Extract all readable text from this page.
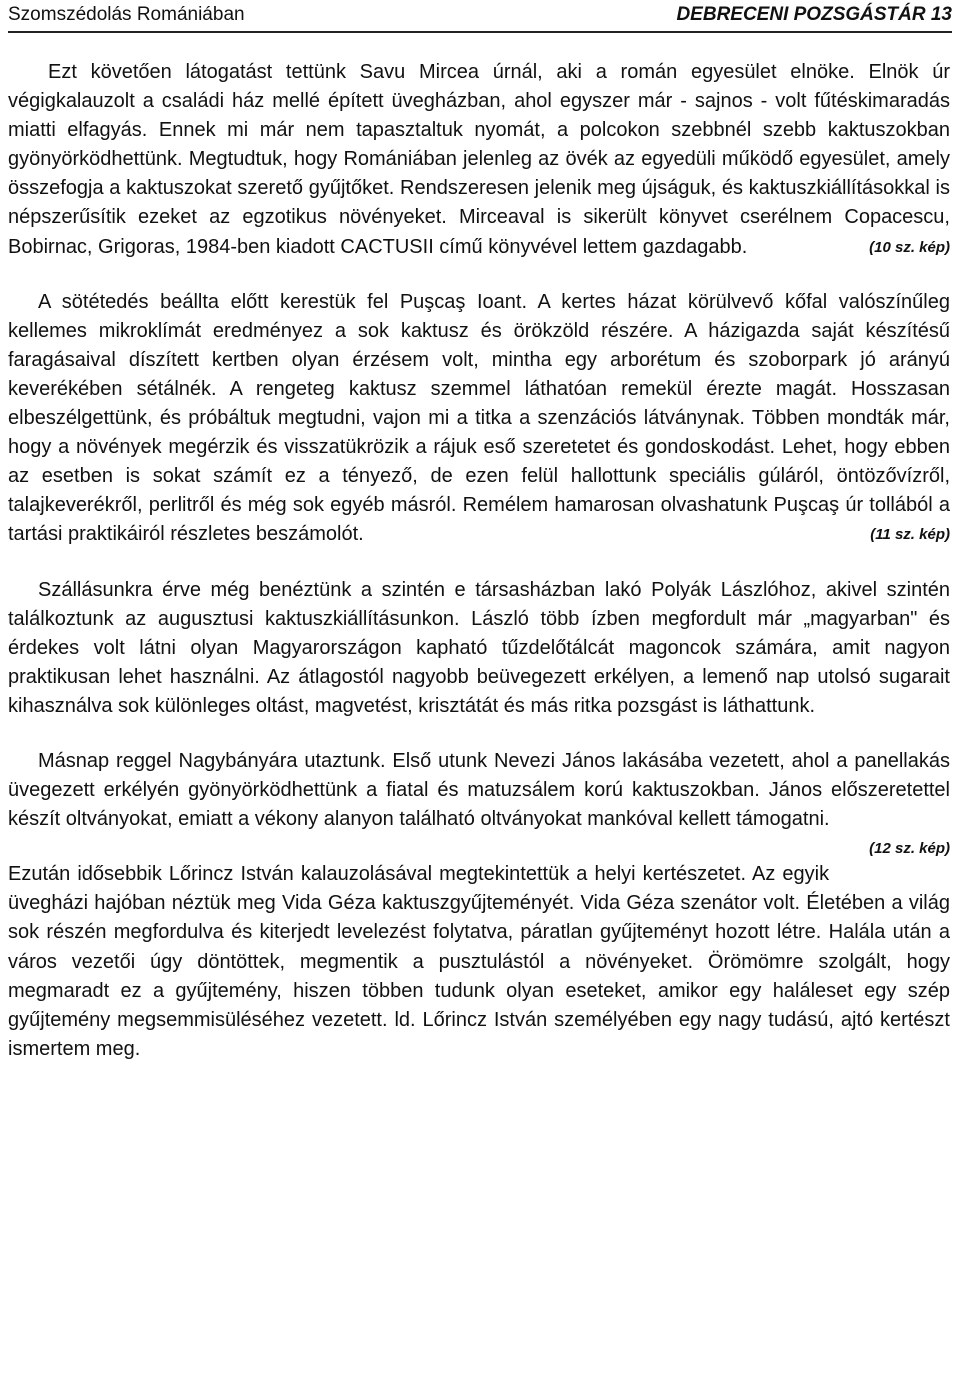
Szomszédolás Romániában	DEBRECENI POZSGÁSTÁR 13

Ezt követően látogatást tettünk Savu Mircea úrnál, aki a román egyesület elnöke. Elnök úr végigkalauzolt a családi ház mellé épített üvegházban, ahol egyszer már - sajnos - volt fűtéskimaradás miatti elfagyás. Ennek mi már nem tapasztaltuk nyomát, a polcokon szebbnél szebb kaktuszokban gyönyörködhettünk. Megtudtuk, hogy Romániában jelenleg az övék az egyedüli működő egyesület, amely összefogja a kaktuszokat szerető gyűjtőket. Rendszeresen jelenik meg újságuk, és kaktuszkiállításokkal is népszerűsítik ezeket az egzotikus növényeket. Mirceaval is sikerült könyvet cserélnem Copacescu, Bobirnac, Grigoras, 1984-ben kiadott CACTUSII című könyvével lettem gazdagabb.	(10 sz. kép)

A sötétedés beállta előtt kerestük fel Puşcaş Ioant. A kertes házat körülvevő kőfal valószínűleg kellemes mikroklímát eredményez a sok kaktusz és örökzöld részére. A házigazda saját készítésű faragásaival díszített kertben olyan érzésem volt, mintha egy arborétum és szoborpark jó arányú keverékében sétálnék. A rengeteg kaktusz szemmel láthatóan remekül érezte magát. Hosszasan elbeszélgettünk, és próbáltuk megtudni, vajon mi a titka a szenzációs látványnak. Többen mondták már, hogy a növények megérzik és visszatükrözik a rájuk eső szeretetet és gondoskodást. Lehet, hogy ebben az esetben is sokat számít ez a tényező, de ezen felül hallottunk speciális gúláról, öntözővízről, talajkeverékről, perlitről és még sok egyéb másról. Remélem hamarosan olvashatunk Puşcaş úr tollából a tartási praktikáiról részletes beszámolót.	(11 sz. kép)

Szállásunkra érve még benéztünk a szintén e társasházban lakó Polyák Lászlóhoz, akivel szintén találkoztunk az augusztusi kaktuszkiállításunkon. László több ízben megfordult már „magyarban" és érdekes volt látni olyan Magyarországon kapható tűzdelőtálcát magoncok számára, amit nagyon praktikusan lehet használni. Az átlagostól nagyobb beüvegezett erkélyen, a lemenő nap utolsó sugarait kihasználva sok különleges oltást, magvetést, krisztátát és más ritka pozsgást is láthattunk.

Másnap reggel Nagybányára utaztunk. Első utunk Nevezi János lakásába vezetett, ahol a panellakás üvegezett erkélyén gyönyörködhettünk a fiatal és matuzsálem korú kaktuszokban. János előszeretettel készít oltványokat, emiatt a vékony alanyon található oltványokat mankóval kellett támogatni.
(12 sz. kép)

Ezután idősebbik Lőrincz István kalauzolásával megtekintettük a helyi kertészetet. Az egyik üvegházi hajóban néztük meg Vida Géza kaktuszgyűjteményét. Vida Géza szenátor volt. Életében a világ sok részén megfordulva és kiterjedt levelezést folytatva, páratlan gyűjteményt hozott létre. Halála után a város vezetői úgy döntöttek, megmentik a pusztulástól a növényeket. Örömömre szolgált, hogy megmaradt ez a gyűjtemény, hiszen többen tudunk olyan eseteket, amikor egy haláleset egy szép gyűjtemény megsemmisüléséhez vezetett. ld. Lőrincz István személyében egy nagy tudású, ajtó kertészt ismertem meg.
